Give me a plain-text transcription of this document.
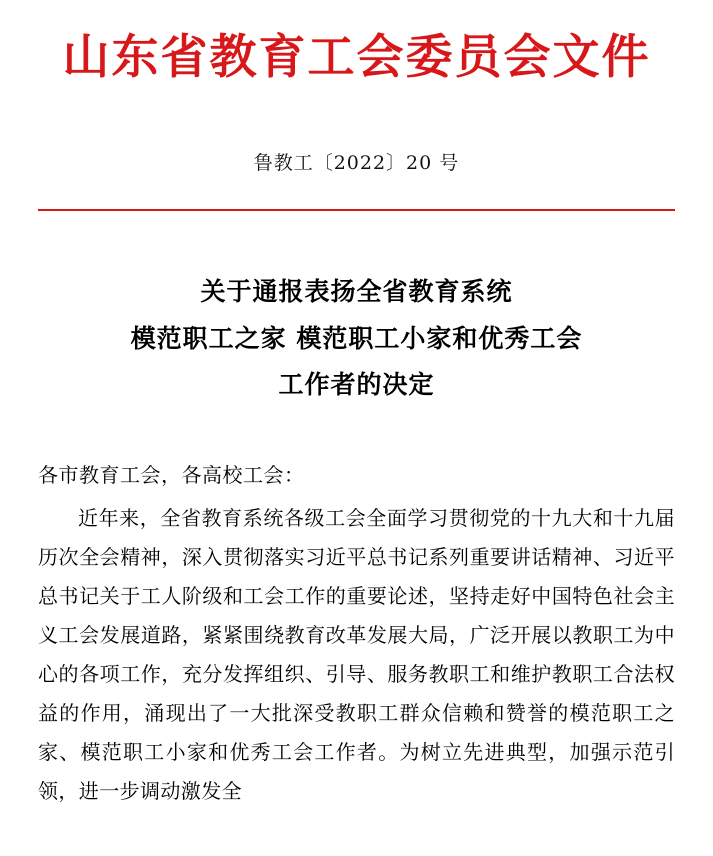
山东省教育工会委员会文件
鲁教工〔2022〕20 号
关于通报表扬全省教育系统
模范职工之家 模范职工小家和优秀工会
工作者的决定
各市教育工会，各高校工会：
近年来，全省教育系统各级工会全面学习贯彻党的十九大和十九届历次全会精神，深入贯彻落实习近平总书记系列重要讲话精神、习近平总书记关于工人阶级和工会工作的重要论述，坚持走好中国特色社会主义工会发展道路，紧紧围绕教育改革发展大局，广泛开展以教职工为中心的各项工作，充分发挥组织、引导、服务教职工和维护教职工合法权益的作用，涌现出了一大批深受教职工群众信赖和赞誉的模范职工之家、模范职工小家和优秀工会工作者。为树立先进典型，加强示范引领，进一步调动激发全
